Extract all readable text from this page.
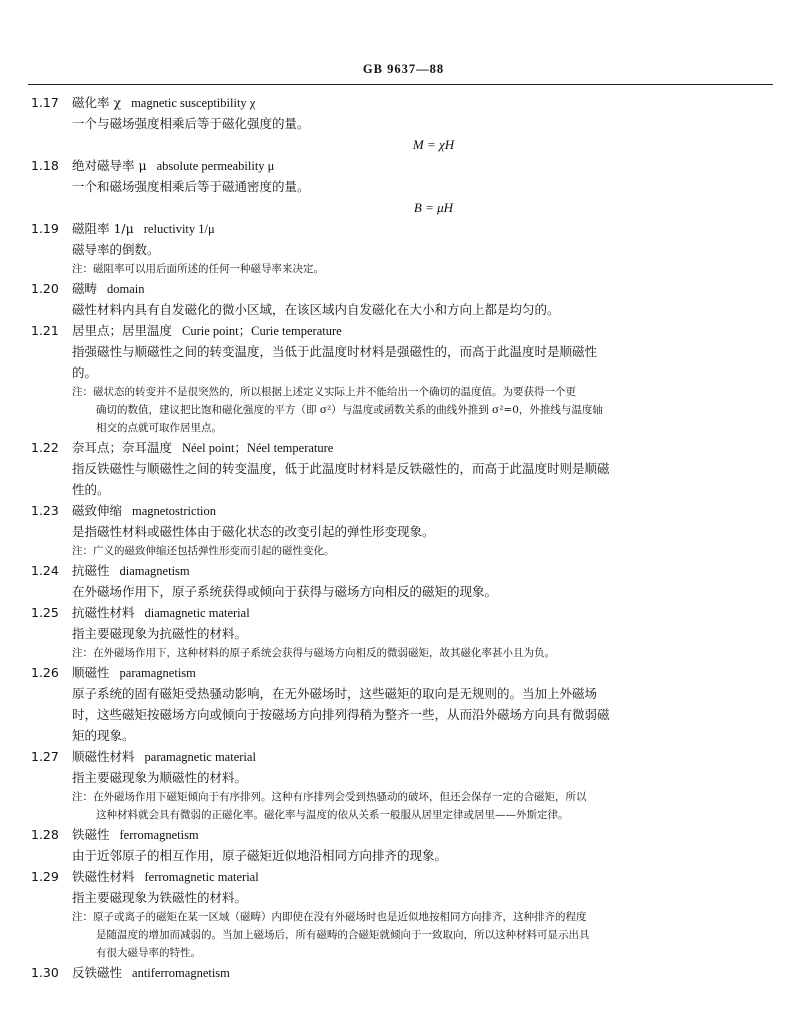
GB 9637—88
1.17 磁化率 χ magnetic susceptibility χ
一个与磁场强度相乘后等于磁化强度的量。
M = χH
1.18 绝对磁导率 μ absolute permeability μ
一个和磁场强度相乘后等于磁通密度的量。
B = μH
1.19 磁阻率 1/μ reluctivity 1/μ
磁导率的倒数。
注：磁阻率可以用后面所述的任何一种磁导率来决定。
1.20 磁畴 domain
磁性材料内具有自发磁化的微小区域，在该区域内自发磁化在大小和方向上都是均匀的。
1.21 居里点；居里温度 Curie point；Curie temperature
指强磁性与顺磁性之间的转变温度，当低于此温度时材料是强磁性的，而高于此温度时是顺磁性的。
注：磁状态的转变并不是很突然的，所以根据上述定义实际上并不能给出一个确切的温度值。为要获得一个更
确切的数值，建议把比饱和磁化强度的平方（即 σ²）与温度或函数关系的曲线外推到 σ²=0，外推线与温度轴
相交的点就可取作居里点。
1.22 奈耳点；奈耳温度 Néel point；Néel temperature
指反铁磁性与顺磁性之间的转变温度，低于此温度时材料是反铁磁性的，而高于此温度时则是顺磁性的。
1.23 磁致伸缩 magnetostriction
是指磁性材料或磁性体由于磁化状态的改变引起的弹性形变现象。
注：广义的磁致伸缩还包括弹性形变而引起的磁性变化。
1.24 抗磁性 diamagnetism
在外磁场作用下，原子系统获得或倾向于获得与磁场方向相反的磁矩的现象。
1.25 抗磁性材料 diamagnetic material
指主要磁现象为抗磁性的材料。
注：在外磁场作用下，这种材料的原子系统会获得与磁场方向相反的微弱磁矩，故其磁化率甚小且为负。
1.26 顺磁性 paramagnetism
原子系统的固有磁矩受热骚动影响，在无外磁场时，这些磁矩的取向是无规则的。当加上外磁场时，这些磁矩按磁场方向或倾向于按磁场方向排列得稍为整齐一些，从而沿外磁场方向具有微弱磁矩的现象。
1.27 顺磁性材料 paramagnetic material
指主要磁现象为顺磁性的材料。
注：在外磁场作用下磁矩倾向于有序排列。这种有序排列会受到热骚动的破坏，但还会保存一定的合磁矩，所以
这种材料就会具有微弱的正磁化率。磁化率与温度的依从关系一般服从居里定律或居里——外斯定律。
1.28 铁磁性 ferromagnetism
由于近邻原子的相互作用，原子磁矩近似地沿相同方向排齐的现象。
1.29 铁磁性材料 ferromagnetic material
指主要磁现象为铁磁性的材料。
注：原子或离子的磁矩在某一区域（磁畴）内即使在没有外磁场时也是近似地按相同方向排齐，这种排齐的程度
是随温度的增加而减弱的。当加上磁场后，所有磁畴的合磁矩就倾向于一致取向，所以这种材料可显示出具
有很大磁导率的特性。
1.30 反铁磁性 antiferromagnetism
